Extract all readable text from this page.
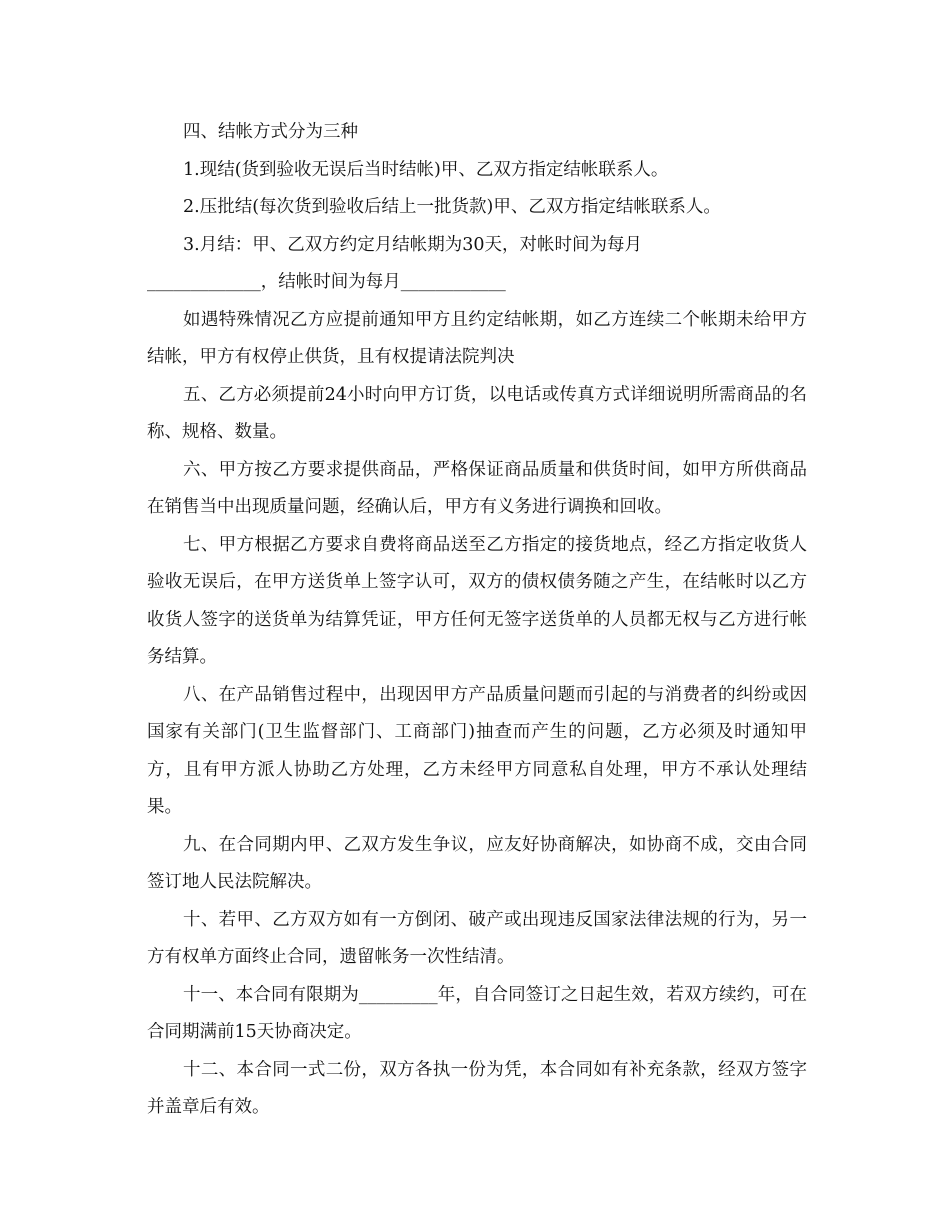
四、结帐方式分为三种

1.现结(货到验收无误后当时结帐)甲、乙双方指定结帐联系人。

2.压批结(每次货到验收后结上一批货款)甲、乙双方指定结帐联系人。

3.月结：甲、乙双方约定月结帐期为30天，对帐时间为每月

_____________，结帐时间为每月____________

如遇特殊情况乙方应提前通知甲方且约定结帐期，如乙方连续二个帐期未给甲方结帐，甲方有权停止供货，且有权提请法院判决

五、乙方必须提前24小时向甲方订货，以电话或传真方式详细说明所需商品的名称、规格、数量。

六、甲方按乙方要求提供商品，严格保证商品质量和供货时间，如甲方所供商品在销售当中出现质量问题，经确认后，甲方有义务进行调换和回收。

七、甲方根据乙方要求自费将商品送至乙方指定的接货地点，经乙方指定收货人验收无误后，在甲方送货单上签字认可，双方的债权债务随之产生，在结帐时以乙方收货人签字的送货单为结算凭证，甲方任何无签字送货单的人员都无权与乙方进行帐务结算。

八、在产品销售过程中，出现因甲方产品质量问题而引起的与消费者的纠纷或因国家有关部门(卫生监督部门、工商部门)抽查而产生的问题，乙方必须及时通知甲方，且有甲方派人协助乙方处理，乙方未经甲方同意私自处理，甲方不承认处理结果。

九、在合同期内甲、乙双方发生争议，应友好协商解决，如协商不成，交由合同签订地人民法院解决。

十、若甲、乙方双方如有一方倒闭、破产或出现违反国家法律法规的行为，另一方有权单方面终止合同，遗留帐务一次性结清。

十一、本合同有限期为_________年，自合同签订之日起生效，若双方续约，可在合同期满前15天协商决定。

十二、本合同一式二份，双方各执一份为凭，本合同如有补充条款，经双方签字并盖章后有效。
